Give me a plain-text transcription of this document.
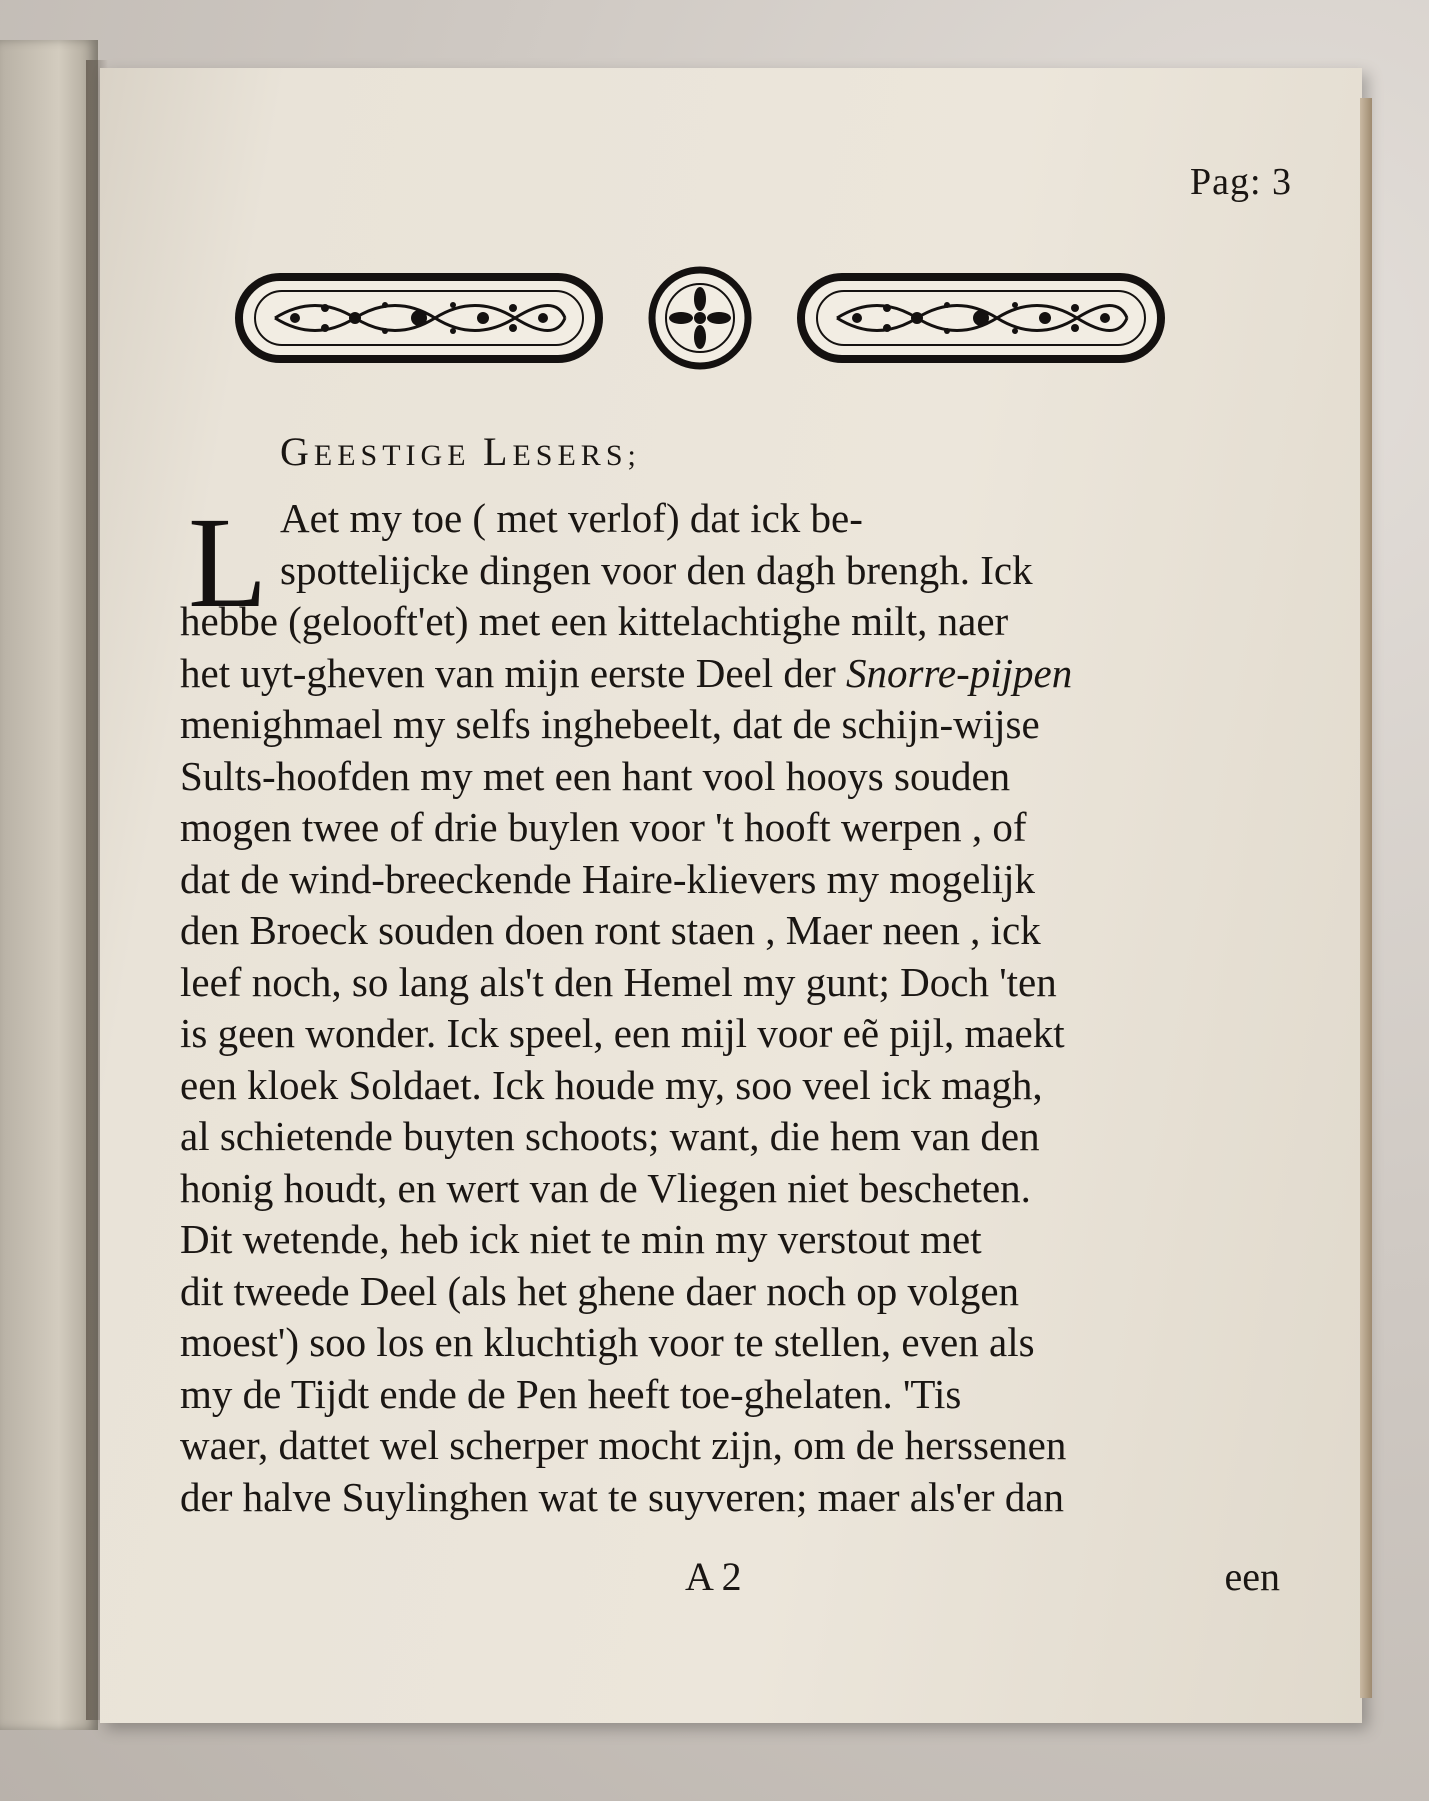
Pag: 3
GEESTIGE LESERS;
L Aet my toe ( met verlof) dat ick be-
spottelijcke dingen voor den dagh brengh. Ick
hebbe (gelooft'et) met een kittelachtighe milt, naer
het uyt-gheven van mijn eerste Deel der Snorre-pijpen
menighmael my selfs inghebeelt, dat de schijn-wijse
Sults-hoofden my met een hant vool hooys souden
mogen twee of drie buylen voor 't hooft werpen , of
dat de wind-breeckende Haire-klievers my mogelijk
den Broeck souden doen ront staen , Maer neen , ick
leef noch, so lang als't den Hemel my gunt; Doch 'ten
is geen wonder. Ick speel, een mijl voor eẽ pijl, maekt
een kloek Soldaet. Ick houde my, soo veel ick magh,
al schietende buyten schoots; want, die hem van den
honig houdt, en wert van de Vliegen niet bescheten.
Dit wetende, heb ick niet te min my verstout met
dit tweede Deel (als het ghene daer noch op volgen
moest') soo los en kluchtigh voor te stellen, even als
my de Tijdt ende de Pen heeft toe-ghelaten. 'Tis
waer, dattet wel scherper mocht zijn, om de herssenen
der halve Suylinghen wat te suyveren; maer als'er dan
A 2	een
